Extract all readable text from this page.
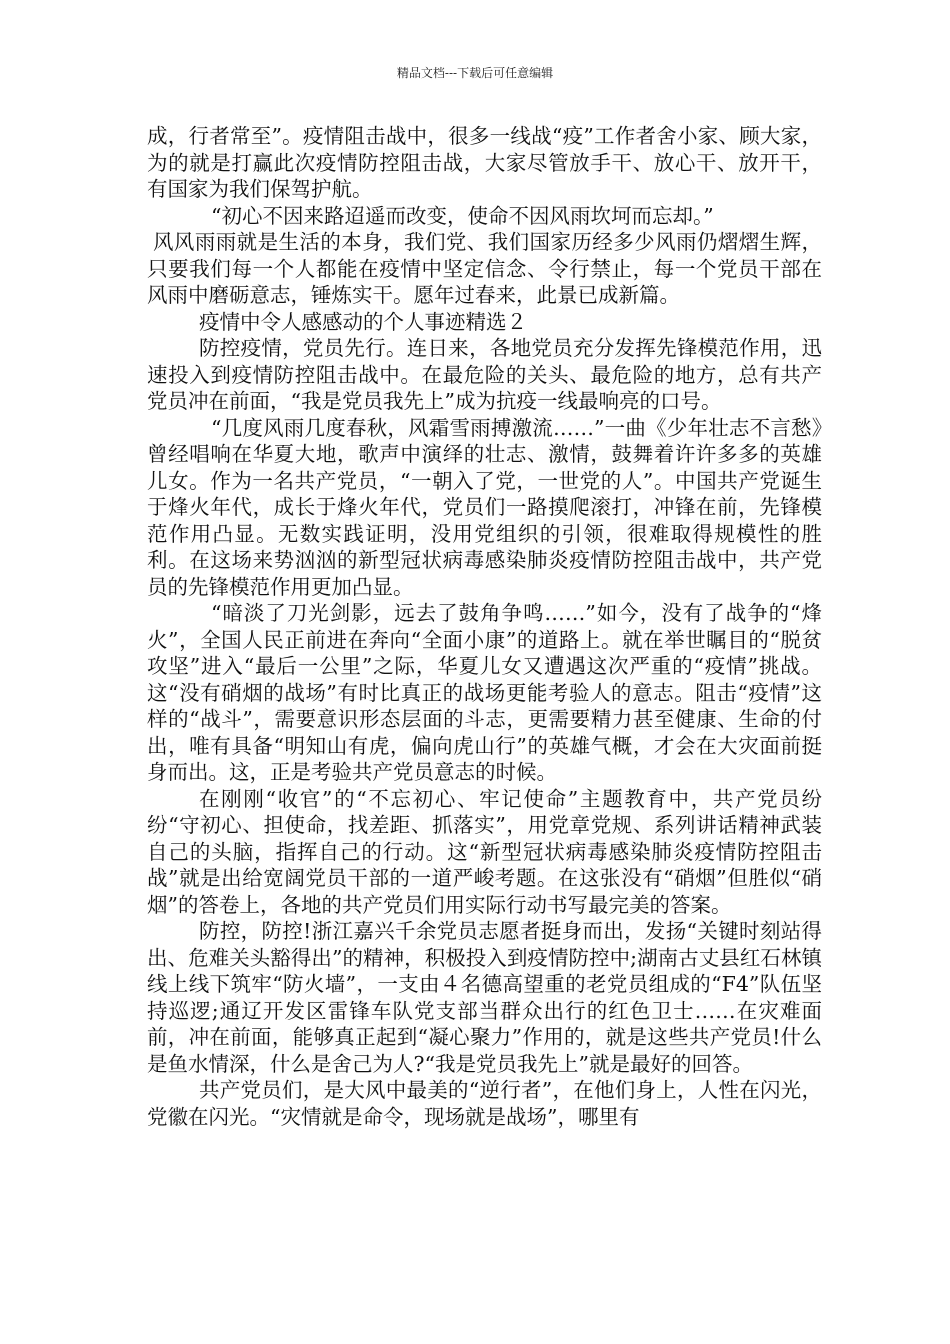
精品文档---下载后可任意编辑

成，行者常至”。疫情阻击战中，很多一线战“疫”工作者舍小家、顾大家，为的就是打赢此次疫情防控阻击战，大家尽管放手干、放心干、放开干，有国家为我们保驾护航。

“初心不因来路迢遥而改变，使命不因风雨坎坷而忘却。”

风风雨雨就是生活的本身，我们党、我们国家历经多少风雨仍熠熠生辉，只要我们每一个人都能在疫情中坚定信念、令行禁止，每一个党员干部在风雨中磨砺意志，锤炼实干。愿年过春来，此景已成新篇。

疫情中令人感感动的个人事迹精选２

防控疫情，党员先行。连日来，各地党员充分发挥先锋模范作用，迅速投入到疫情防控阻击战中。在最危险的关头、最危险的地方，总有共产党员冲在前面，“我是党员我先上”成为抗疫一线最响亮的口号。

“几度风雨几度春秋，风霜雪雨搏激流……”一曲《少年壮志不言愁》曾经唱响在华夏大地，歌声中演绎的壮志、激情，鼓舞着许许多多的英雄儿女。作为一名共产党员，“一朝入了党，一世党的人”。中国共产党诞生于烽火年代，成长于烽火年代，党员们一路摸爬滚打，冲锋在前，先锋模范作用凸显。无数实践证明，没用党组织的引领，很难取得规模性的胜利。在这场来势汹汹的新型冠状病毒感染肺炎疫情防控阻击战中，共产党员的先锋模范作用更加凸显。

“暗淡了刀光剑影，远去了鼓角争鸣……”如今，没有了战争的“烽火”，全国人民正前进在奔向“全面小康”的道路上。就在举世瞩目的“脱贫攻坚”进入“最后一公里”之际，华夏儿女又遭遇这次严重的“疫情”挑战。这“没有硝烟的战场”有时比真正的战场更能考验人的意志。阻击“疫情”这样的“战斗”，需要意识形态层面的斗志，更需要精力甚至健康、生命的付出，唯有具备“明知山有虎，偏向虎山行”的英雄气概，才会在大灾面前挺身而出。这，正是考验共产党员意志的时候。

在刚刚“收官”的“不忘初心、牢记使命”主题教育中，共产党员纷纷“守初心、担使命，找差距、抓落实”，用党章党规、系列讲话精神武装自己的头脑，指挥自己的行动。这“新型冠状病毒感染肺炎疫情防控阻击战”就是出给宽阔党员干部的一道严峻考题。在这张没有“硝烟”但胜似“硝烟”的答卷上，各地的共产党员们用实际行动书写最完美的答案。

防控，防控!浙江嘉兴千余党员志愿者挺身而出，发扬“关键时刻站得出、危难关头豁得出”的精神，积极投入到疫情防控中;湖南古丈县红石林镇线上线下筑牢“防火墙”，一支由４名德高望重的老党员组成的“F4”队伍坚持巡逻;通辽开发区雷锋车队党支部当群众出行的红色卫士……在灾难面前，冲在前面，能够真正起到“凝心聚力”作用的，就是这些共产党员!什么是鱼水情深，什么是舍己为人?“我是党员我先上”就是最好的回答。

共产党员们，是大风中最美的“逆行者”，在他们身上，人性在闪光，党徽在闪光。“灾情就是命令，现场就是战场”，哪里有
